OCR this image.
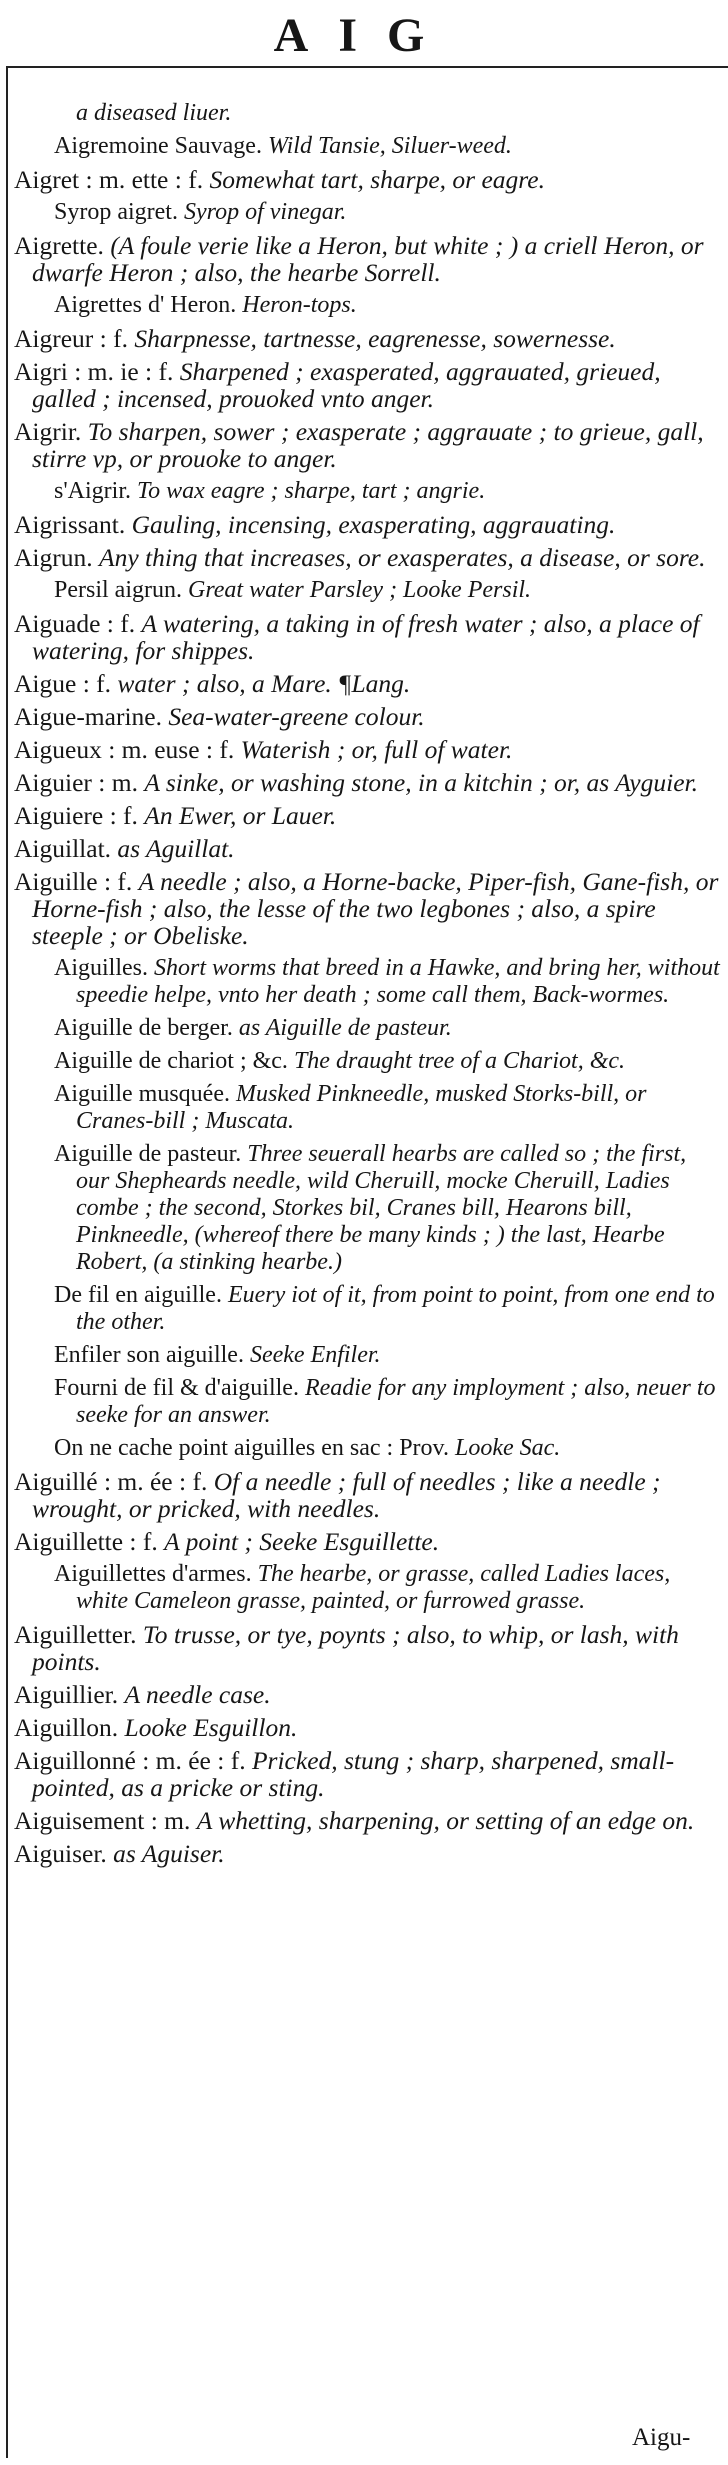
AIG
a diseased liuer.
Aigremoine Sauvage. Wild Tansie, Siluer-weed.
Aigret : m. ette : f. Somewhat tart, sharpe, or eagre.
Syrop aigret. Syrop of vinegar.
Aigrette. (A foule verie like a Heron, but white ; ) a criell Heron, or dwarfe Heron ; also, the hearbe Sorrell.
Aigrettes d' Heron. Heron-tops.
Aigreur : f. Sharpnesse, tartnesse, eagrenesse, sowernesse.
Aigri : m. ie : f. Sharpened ; exasperated, aggrauated, grieued, galled ; incensed, prouoked vnto anger.
Aigrir. To sharpen, sower ; exasperate ; aggrauate ; to grieue, gall, stirre vp, or prouoke to anger.
s'Aigrir. To wax eagre ; sharpe, tart ; angrie.
Aigrissant. Gauling, incensing, exasperating, aggrauating.
Aigrun. Any thing that increases, or exasperates, a disease, or sore.
Persil aigrun. Great water Parsley ; Looke Persil.
Aiguade : f. A watering, a taking in of fresh water ; also, a place of watering, for shippes.
Aigue : f. water ; also, a Mare. ¶Lang.
Aigue-marine. Sea-water-greene colour.
Aigueux : m. euse : f. Waterish ; or, full of water.
Aiguier : m. A sinke, or washing stone, in a kitchin ; or, as Ayguier.
Aiguiere : f. An Ewer, or Lauer.
Aiguillat. as Aguillat.
Aiguille : f. A needle ; also, a Horne-backe, Piper-fish, Gane-fish, or Horne-fish ; also, the lesse of the two legbones ; also, a spire steeple ; or Obeliske.
Aiguilles. Short worms that breed in a Hawke, and bring her, without speedie helpe, vnto her death ; some call them, Back-wormes.
Aiguille de berger. as Aiguille de pasteur.
Aiguille de chariot ; &c. The draught tree of a Chariot, &c.
Aiguille musquée. Musked Pinkneedle, musked Storks-bill, or Cranes-bill ; Muscata.
Aiguille de pasteur. Three seuerall hearbs are called so ; the first, our Shepheards needle, wild Cheruill, mocke Cheruill, Ladies combe ; the second, Storkes bil, Cranes bill, Hearons bill, Pinkneedle, (whereof there be many kinds ; ) the last, Hearbe Robert, (a stinking hearbe.)
De fil en aiguille. Euery iot of it, from point to point, from one end to the other.
Enfiler son aiguille. Seeke Enfiler.
Fourni de fil & d'aiguille. Readie for any imployment ; also, neuer to seeke for an answer.
On ne cache point aiguilles en sac : Prov. Looke Sac.
Aiguillé : m. ée : f. Of a needle ; full of needles ; like a needle ; wrought, or pricked, with needles.
Aiguillette : f. A point ; Seeke Esguillette.
Aiguillettes d'armes. The hearbe, or grasse, called Ladies laces, white Cameleon grasse, painted, or furrowed grasse.
Aiguilletter. To trusse, or tye, poynts ; also, to whip, or lash, with points.
Aiguillier. A needle case.
Aiguillon. Looke Esguillon.
Aiguillonné : m. ée : f. Pricked, stung ; sharp, sharpened, small-pointed, as a pricke or sting.
Aiguisement : m. A whetting, sharpening, or setting of an edge on.
Aiguiser. as Aguiser.
Aigu-
